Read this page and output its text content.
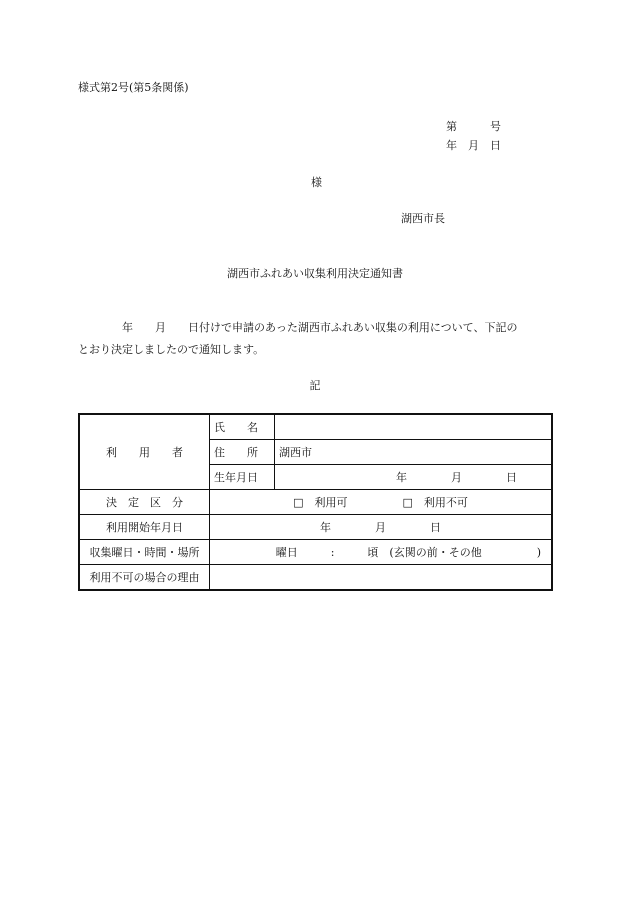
様式第2号(第5条関係)
第　　　号
年　月　日
様
湖西市長
湖西市ふれあい収集利用決定通知書
　　　　年　　月　　日付けで申請のあった湖西市ふれあい収集の利用について、下記の
とおり決定しましたので通知します。
記
利　　用　　者	氏　　名	
	住　　所	湖西市
	生年月日	年　　　　月　　　　日
決　定　区　分	□　利用可　　　　　□　利用不可	
利用開始年月日	年　　　　月　　　　日	
収集曜日・時間・場所	曜日　　　:　　　頃　(玄関の前・その他　　　　　)	
利用不可の場合の理由		
